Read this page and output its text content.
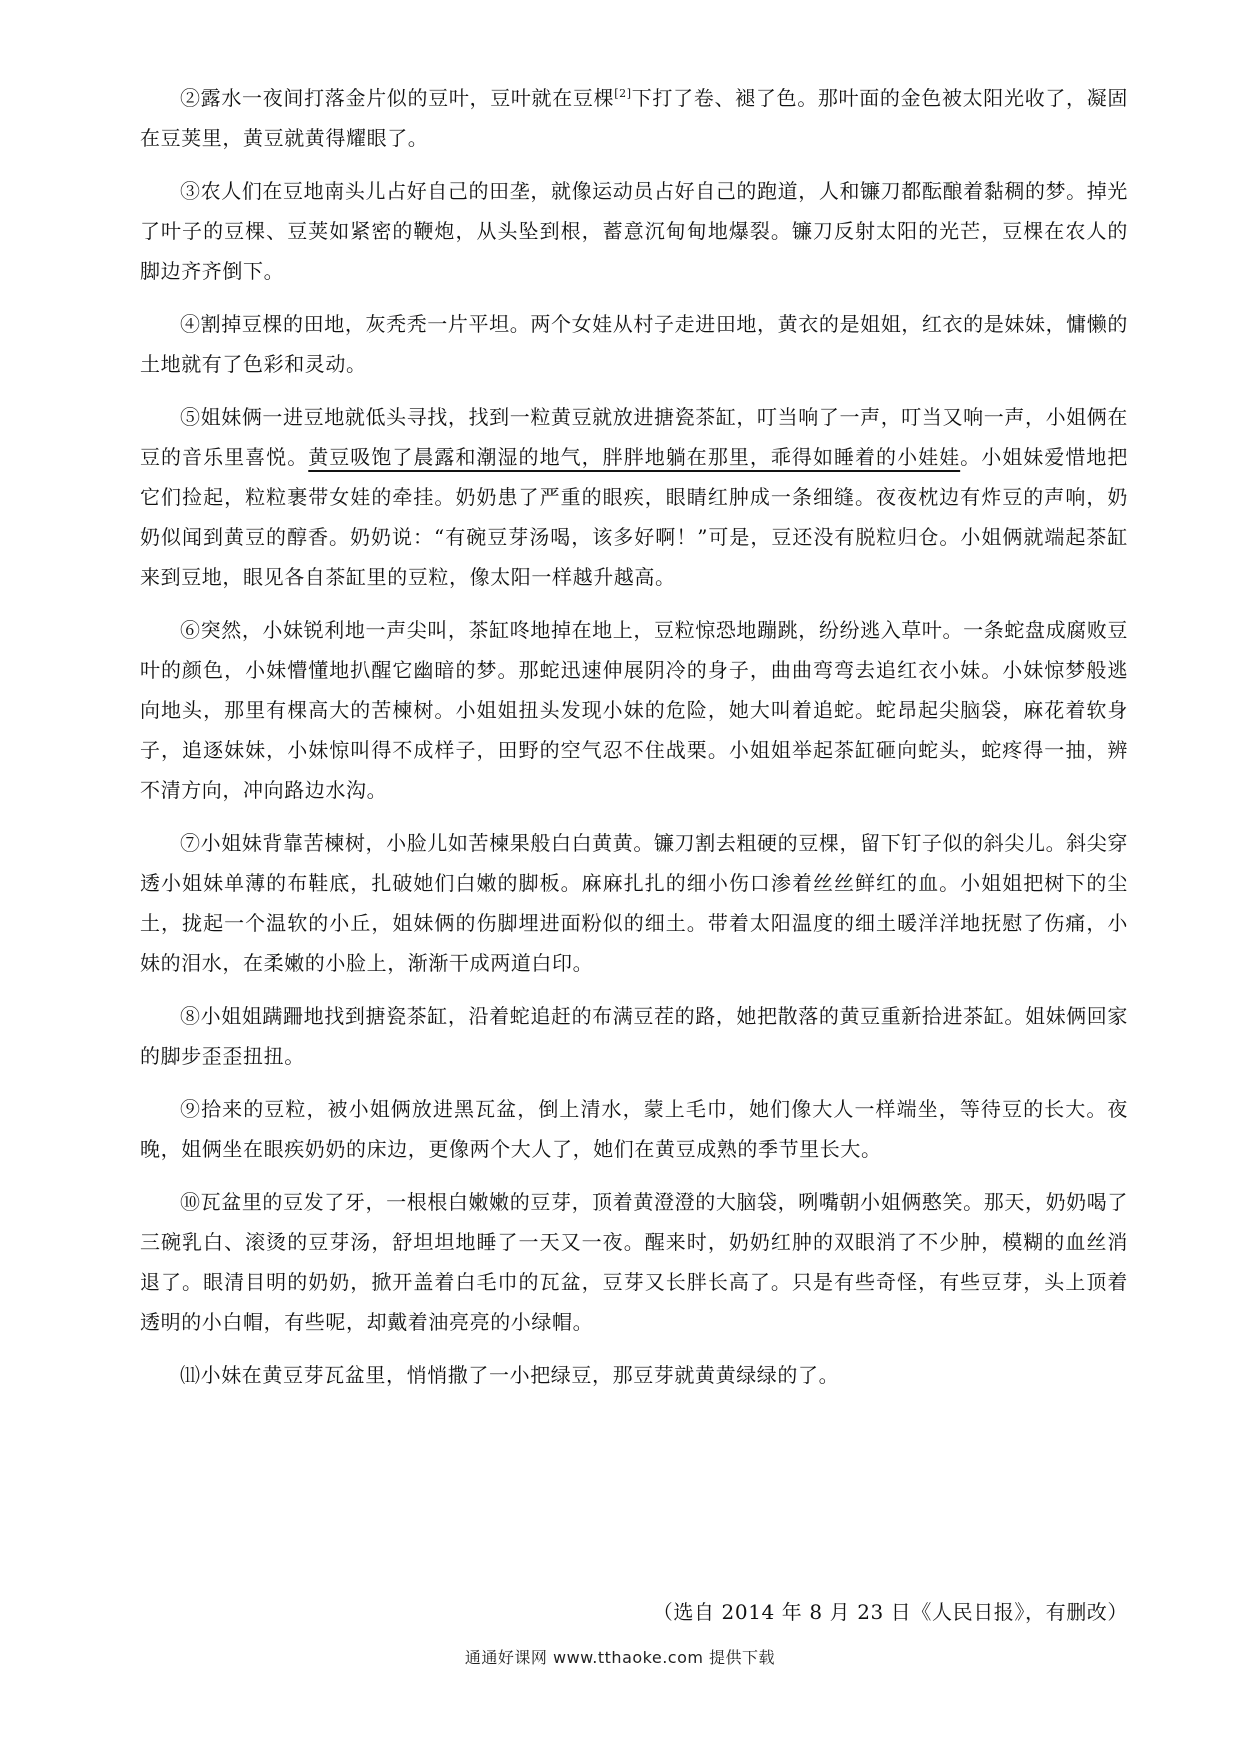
②露水一夜间打落金片似的豆叶，豆叶就在豆棵[2]下打了卷、褪了色。那叶面的金色被太阳光收了，凝固在豆荚里，黄豆就黄得耀眼了。

③农人们在豆地南头儿占好自己的田垄，就像运动员占好自己的跑道，人和镰刀都酝酿着黏稠的梦。掉光了叶子的豆棵、豆荚如紧密的鞭炮，从头坠到根，蓄意沉甸甸地爆裂。镰刀反射太阳的光芒，豆棵在农人的脚边齐齐倒下。

④割掉豆棵的田地，灰秃秃一片平坦。两个女娃从村子走进田地，黄衣的是姐姐，红衣的是妹妹，慵懒的土地就有了色彩和灵动。

⑤姐妹俩一进豆地就低头寻找，找到一粒黄豆就放进搪瓷茶缸，叮当响了一声，叮当又响一声，小姐俩在豆的音乐里喜悦。黄豆吸饱了晨露和潮湿的地气，胖胖地躺在那里，乖得如睡着的小娃娃。小姐妹爱惜地把它们捡起，粒粒裹带女娃的牵挂。奶奶患了严重的眼疾，眼睛红肿成一条细缝。夜夜枕边有炸豆的声响，奶奶似闻到黄豆的醇香。奶奶说：“有碗豆芽汤喝，该多好啊！”可是，豆还没有脱粒归仓。小姐俩就端起茶缸来到豆地，眼见各自茶缸里的豆粒，像太阳一样越升越高。

⑥突然，小妹锐利地一声尖叫，茶缸咚地掉在地上，豆粒惊恐地蹦跳，纷纷逃入草叶。一条蛇盘成腐败豆叶的颜色，小妹懵懂地扒醒它幽暗的梦。那蛇迅速伸展阴冷的身子，曲曲弯弯去追红衣小妹。小妹惊梦般逃向地头，那里有棵高大的苦楝树。小姐姐扭头发现小妹的危险，她大叫着追蛇。蛇昂起尖脑袋，麻花着软身子，追逐妹妹，小妹惊叫得不成样子，田野的空气忍不住战栗。小姐姐举起茶缸砸向蛇头，蛇疼得一抽，辨不清方向，冲向路边水沟。

⑦小姐妹背靠苦楝树，小脸儿如苦楝果般白白黄黄。镰刀割去粗硬的豆棵，留下钉子似的斜尖儿。斜尖穿透小姐妹单薄的布鞋底，扎破她们白嫩的脚板。麻麻扎扎的细小伤口渗着丝丝鲜红的血。小姐姐把树下的尘土，拢起一个温软的小丘，姐妹俩的伤脚埋进面粉似的细土。带着太阳温度的细土暖洋洋地抚慰了伤痛，小妹的泪水，在柔嫩的小脸上，渐渐干成两道白印。

⑧小姐姐蹒跚地找到搪瓷茶缸，沿着蛇追赶的布满豆茬的路，她把散落的黄豆重新拾进茶缸。姐妹俩回家的脚步歪歪扭扭。

⑨拾来的豆粒，被小姐俩放进黑瓦盆，倒上清水，蒙上毛巾，她们像大人一样端坐，等待豆的长大。夜晚，姐俩坐在眼疾奶奶的床边，更像两个大人了，她们在黄豆成熟的季节里长大。

⑩瓦盆里的豆发了牙，一根根白嫩嫩的豆芽，顶着黄澄澄的大脑袋，咧嘴朝小姐俩憨笑。那天，奶奶喝了三碗乳白、滚烫的豆芽汤，舒坦坦地睡了一天又一夜。醒来时，奶奶红肿的双眼消了不少肿，模糊的血丝消退了。眼清目明的奶奶，掀开盖着白毛巾的瓦盆，豆芽又长胖长高了。只是有些奇怪，有些豆芽，头上顶着透明的小白帽，有些呢，却戴着油亮亮的小绿帽。

⑾小妹在黄豆芽瓦盆里，悄悄撒了一小把绿豆，那豆芽就黄黄绿绿的了。

（选自 2014 年 8 月 23 日《人民日报》，有删改）
通通好课网 www.tthaoke.com 提供下载
